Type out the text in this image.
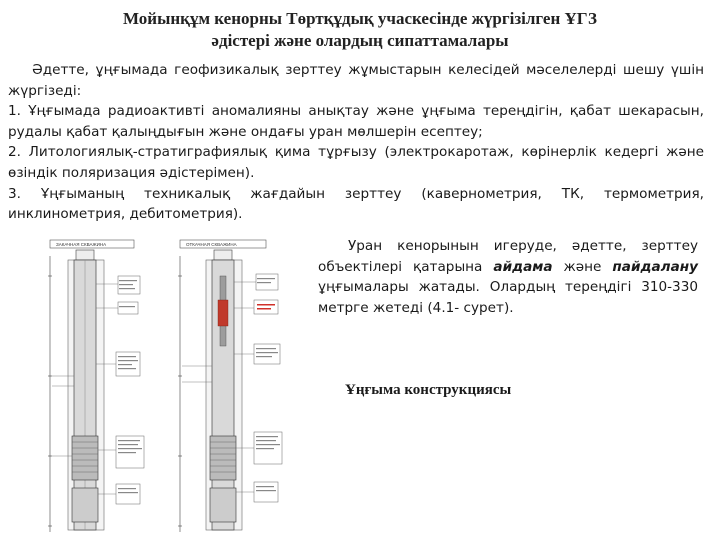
Мойынқұм кенорны Төртқұдық учаскесінде жүргізілген ҰГЗ
әдістері және олардың сипаттамалары

Әдетте, ұңғымада геофизикалық зерттеу жұмыстарын келесідей мәселелерді шешу үшін жүргізеді:

1. Ұңғымада радиоактивті аномалияны анықтау және ұңғыма тереңдігін, қабат шекарасын, рудалы қабат қалыңдығын және ондағы уран мөлшерін есептеу;

2. Литологиялық-стратиграфиялық қима тұрғызу (электрокаротаж, көрінерлік кедергі және өзіндік поляризация әдістерімен).

3. Ұңғыманың техникалық жағдайын зерттеу (кавернометрия, ТК, термометрия, инклинометрия, дебитометрия).

ЗАКАЧНАЯ СКВАЖИНА	ОТКАЧНАЯ СКВАЖИНА	Уран кенорынын игеруде, әдетте, зерттеу объектілері қатарына айдама және пайдалану ұңғымалары жатады. Олардың тереңдігі 310-330 метрге жетеді (4.1- сурет).
Ұңғыма конструкциясы
